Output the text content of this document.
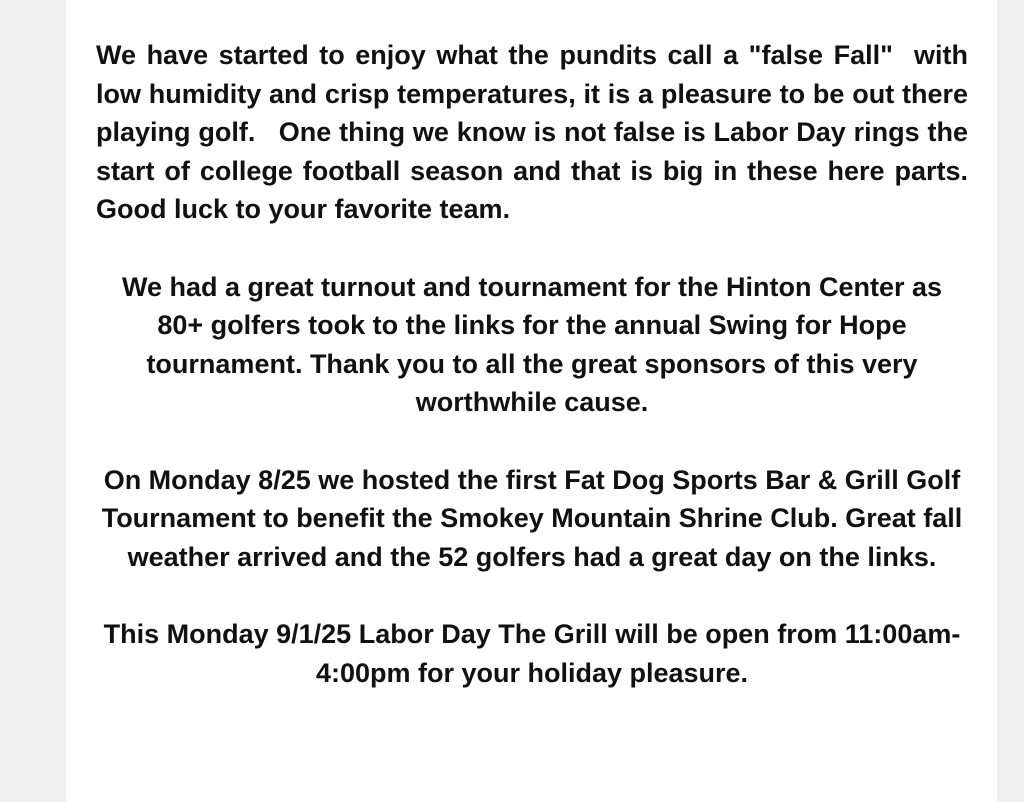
We have started to enjoy what the pundits call a "false Fall"  with low humidity and crisp temperatures, it is a pleasure to be out there playing golf.   One thing we know is not false is Labor Day rings the start of college football season and that is big in these here parts.  Good luck to your favorite team.

We had a great turnout and tournament for the Hinton Center as 80+ golfers took to the links for the annual Swing for Hope tournament. Thank you to all the great sponsors of this very worthwhile cause.

On Monday 8/25 we hosted the first Fat Dog Sports Bar & Grill Golf Tournament to benefit the Smokey Mountain Shrine Club. Great fall weather arrived and the 52 golfers had a great day on the links.

This Monday 9/1/25 Labor Day The Grill will be open from 11:00am-4:00pm for your holiday pleasure.
